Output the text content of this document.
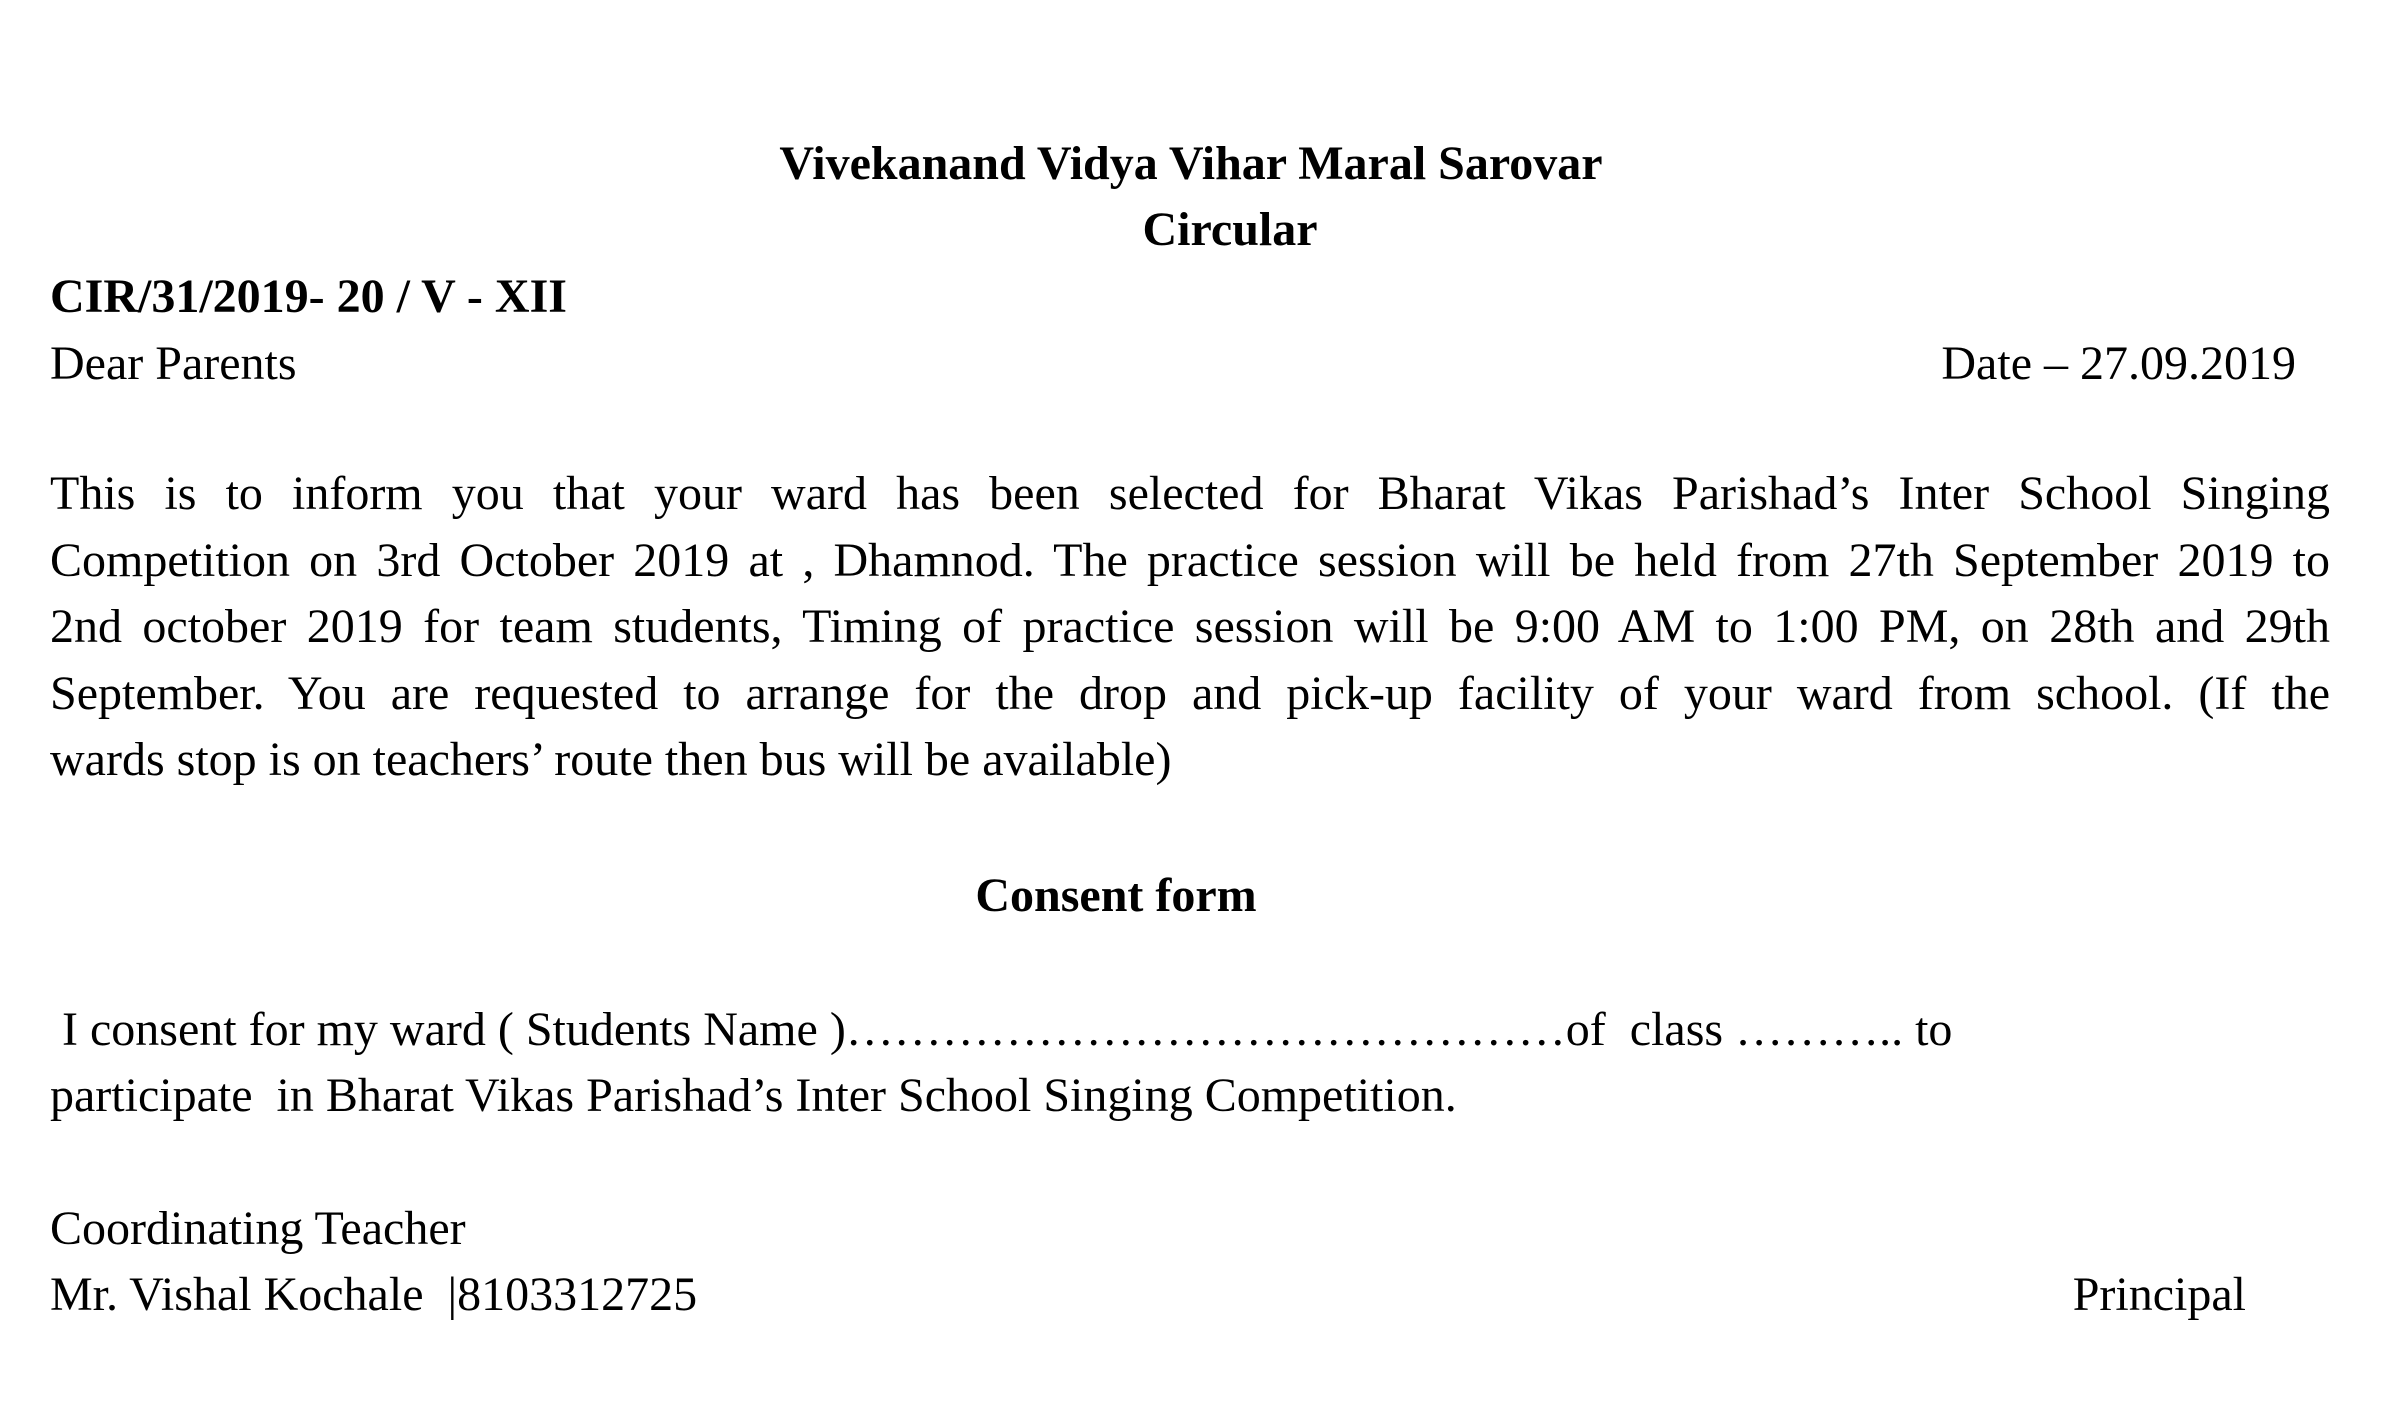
Vivekanand Vidya Vihar Maral Sarovar
Circular
CIR/31/2019- 20 / V - XII
Dear Parents	Date – 27.09.2019
This is to inform you that your ward has been selected for Bharat Vikas Parishad’s Inter School Singing
Competition on 3rd October 2019 at , Dhamnod. The practice session will be held from 27th September 2019 to
2nd october 2019 for team students, Timing of practice session will be 9:00 AM to 1:00 PM, on 28th and 29th
September. You are requested to arrange for the drop and pick-up facility of your ward from school. (If the
wards stop is on teachers’ route then bus will be available)
Consent form
I consent for my ward ( Students Name )………………………………………of  class ……….. to
participate  in Bharat Vikas Parishad’s Inter School Singing Competition.
Coordinating Teacher
Mr. Vishal Kochale  |8103312725	Principal
